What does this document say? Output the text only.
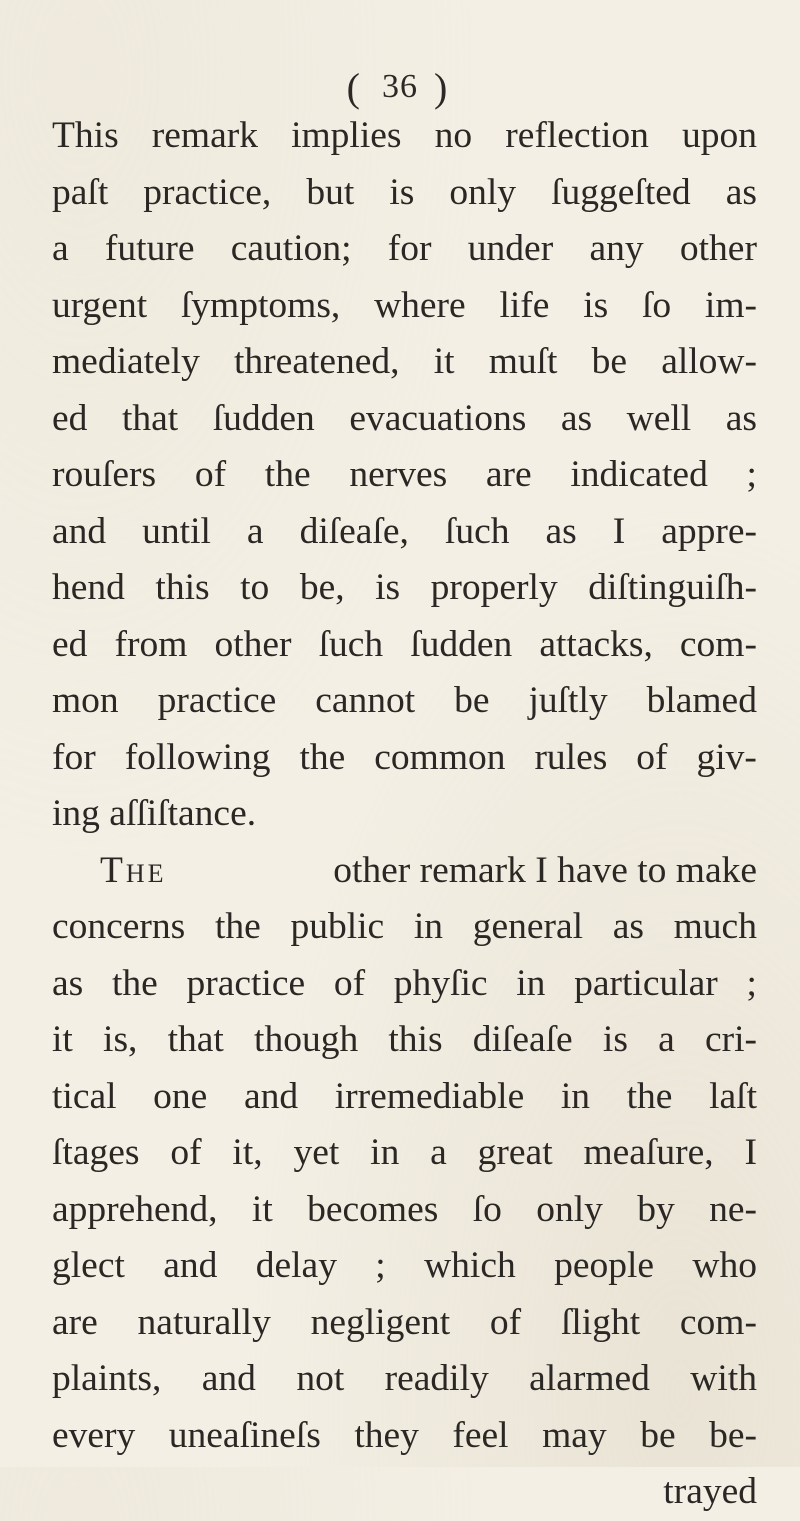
( 36 )
This remark implies no reflection upon
paſt practice, but is only ſuggeſted as
a future caution; for under any other
urgent ſymptoms, where life is ſo im-
mediately threatened, it muſt be allow-
ed that ſudden evacuations as well as
rouſers of the nerves are indicated ;
and until a diſeaſe, ſuch as I appre-
hend this to be, is properly diſtinguiſh-
ed from other ſuch ſudden attacks, com-
mon practice cannot be juſtly blamed
for following the common rules of giv-
ing aſſiſtance.
The	other remark I have to make
concerns the public in general as much
as the practice of phyſic in particular ;
it is, that though this diſeaſe is a cri-
tical one and irremediable in the laſt
ſtages of it, yet in a great meaſure, I
apprehend, it becomes ſo only by ne-
glect and delay ; which people who
are naturally negligent of ſlight com-
plaints, and not readily alarmed with
every uneaſineſs they feel may be be-
trayed
